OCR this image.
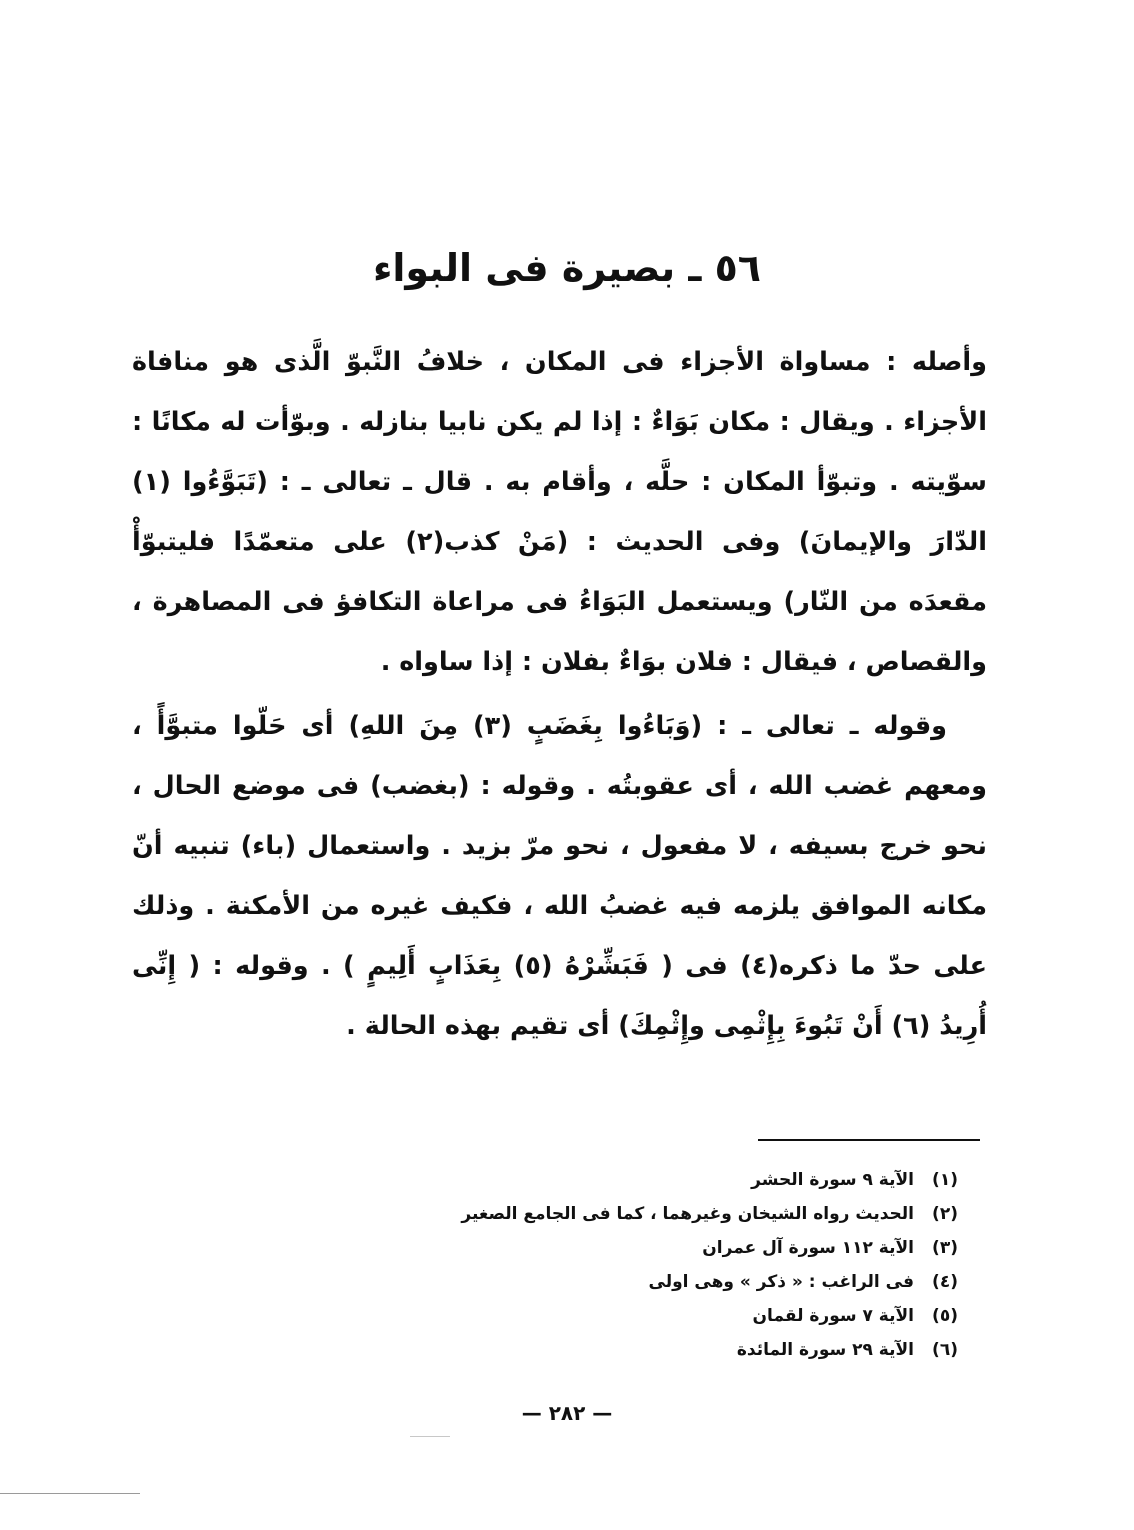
٥٦ ـ بصيرة فى البواء

وأصله : مساواة الأجزاء فى المكان ، خلافُ النَّبوّ الَّذى هو منافاة الأجزاء . ويقال : مكان بَوَاءٌ : إذا لم يكن نابيا بنازله . وبوّأت له مكانًا : سوّيته . وتبوّأ المكان : حلَّه ، وأقام به . قال ـ تعالى ـ : (تَبَوَّءُوا (١) الدّارَ والإيمانَ) وفى الحديث : (مَنْ كذب(٢) على متعمّدًا فليتبوّأْ مقعدَه من النّار) ويستعمل البَوَاءُ فى مراعاة التكافؤ فى المصاهرة ، والقصاص ، فيقال : فلان بوَاءٌ بفلان : إذا ساواه .

وقوله ـ تعالى ـ : (وَبَاءُوا بِغَضَبٍ (٣) مِنَ اللهِ) أى حَلّوا متبوَّأً ، ومعهم غضب الله ، أى عقوبتُه . وقوله : (بغضب) فى موضع الحال ، نحو خرج بسيفه ، لا مفعول ، نحو مرّ بزيد . واستعمال (باء) تنبيه أنّ مكانه الموافق يلزمه فيه غضبُ الله ، فكيف غيره من الأمكنة . وذلك على حدّ ما ذكره(٤) فى ( فَبَشِّرْهُ (٥) بِعَذَابٍ أَلِيمٍ ) . وقوله : ( إِنِّى أُرِيدُ (٦) أَنْ تَبُوءَ بِإِثْمِى وإِثْمِكَ) أى تقيم بهذه الحالة .

(١)
الآية ٩ سورة الحشر
(٢)
الحديث رواه الشيخان وغيرهما ، كما فى الجامع الصغير
(٣)
الآية ١١٢ سورة آل عمران
(٤)
فى الراغب : « ذكر » وهى اولى
(٥)
الآية ٧ سورة لقمان
(٦)
الآية ٢٩ سورة المائدة
— ٢٨٢ —
